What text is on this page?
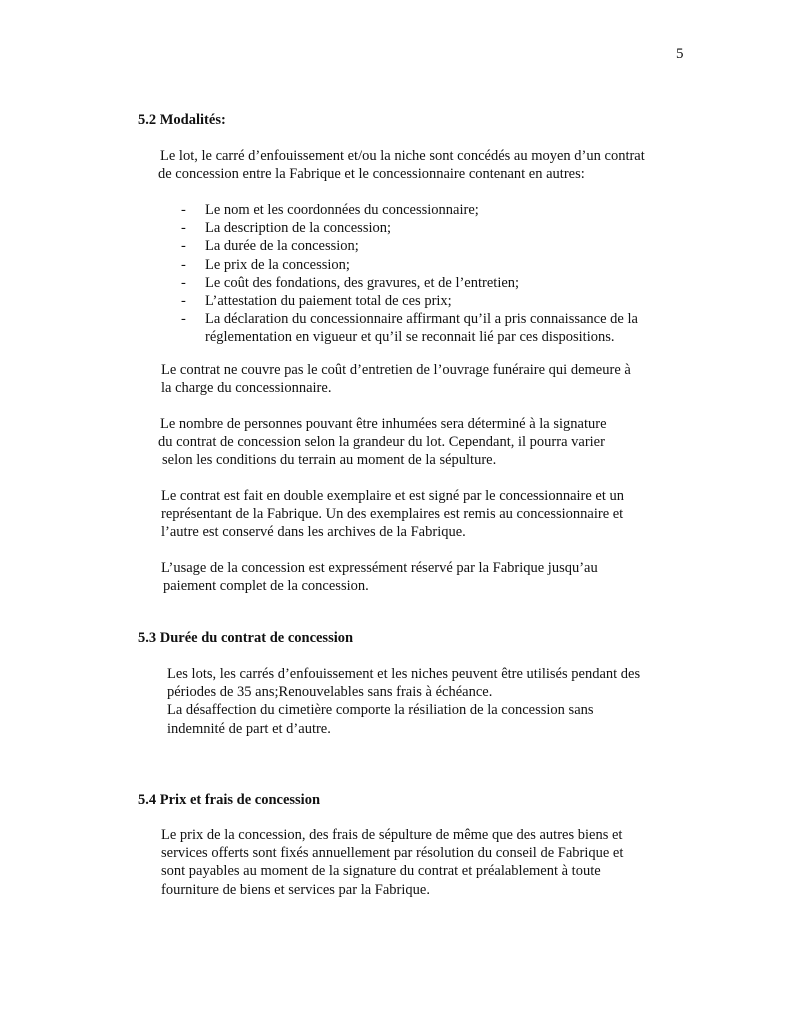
5
5.2 Modalités:

Le lot, le carré d’enfouissement et/ou la niche sont concédés au moyen d’un contrat
de concession entre la Fabrique et le concessionnaire contenant en autres:

- Le nom et les coordonnées du concessionnaire;
- La description de la concession;
- La durée de la concession;
- Le prix de la concession;
- Le coût des fondations, des gravures, et de l’entretien;
- L’attestation du paiement total de ces prix;
- La déclaration du concessionnaire affirmant qu’il a pris connaissance de la
réglementation en vigueur et qu’il se reconnait lié par ces dispositions.

Le contrat ne couvre pas le coût d’entretien de l’ouvrage funéraire qui demeure à
la charge du concessionnaire.

Le nombre de personnes pouvant être inhumées sera déterminé à la signature
du contrat de concession selon la grandeur du lot. Cependant, il pourra varier
selon les conditions du terrain au moment de la sépulture.

Le contrat est fait en double exemplaire et est signé par le concessionnaire et un
représentant de la Fabrique. Un des exemplaires est remis au concessionnaire et
l’autre est conservé dans les archives de la Fabrique.

L’usage de la concession est expressément réservé par la Fabrique jusqu’au
paiement complet de la concession.

5.3 Durée du contrat de concession

Les lots, les carrés d’enfouissement et les niches peuvent être utilisés pendant des
périodes de 35 ans;Renouvelables sans frais à échéance.
La désaffection du cimetière comporte la résiliation de la concession sans
indemnité de part et d’autre.

5.4 Prix et frais de concession

Le prix de la concession, des frais de sépulture de même que des autres biens et
services offerts sont fixés annuellement par résolution du conseil de Fabrique et
sont payables au moment de la signature du contrat et préalablement à toute
fourniture de biens et services par la Fabrique.
